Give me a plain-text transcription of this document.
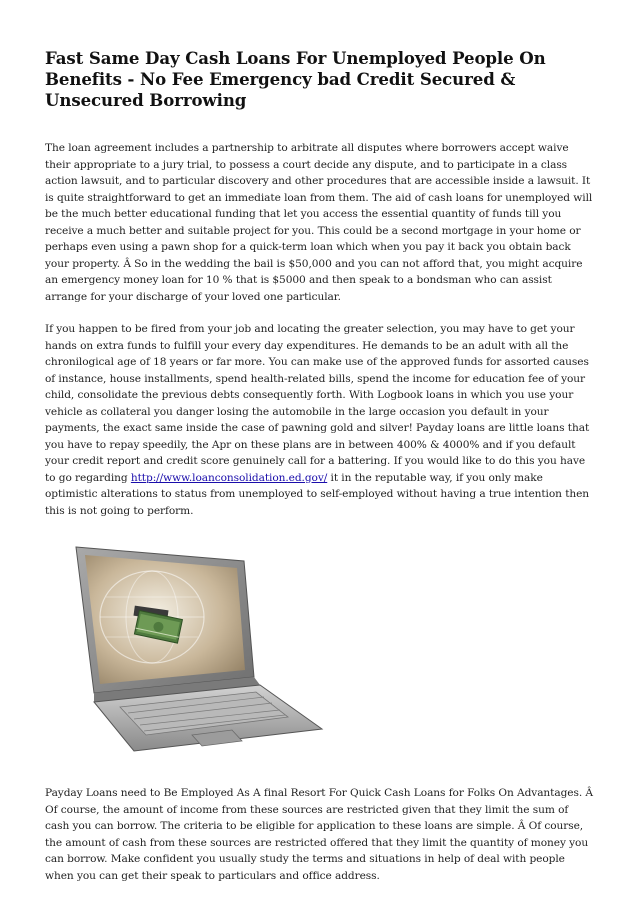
Fast Same Day Cash Loans For Unemployed People On Benefits - No Fee Emergency bad Credit Secured & Unsecured Borrowing

The loan agreement includes a partnership to arbitrate all disputes where borrowers accept waive their appropriate to a jury trial, to possess a court decide any dispute, and to participate in a class action lawsuit, and to particular discovery and other procedures that are accessible inside a lawsuit. It is quite straightforward to get an immediate loan from them. The aid of cash loans for unemployed will be the much better educational funding that let you access the essential quantity of funds till you receive a much better and suitable project for you. This could be a second mortgage in your home or perhaps even using a pawn shop for a quick-term loan which when you pay it back you obtain back your property. Â So in the wedding the bail is $50,000 and you can not afford that, you might acquire an emergency money loan for 10 % that is $5000 and then speak to a bondsman who can assist arrange for your discharge of your loved one particular.

If you happen to be fired from your job and locating the greater selection, you may have to get your hands on extra funds to fulfill your every day expenditures. He demands to be an adult with all the chronilogical age of 18 years or far more. You can make use of the approved funds for assorted causes of instance, house installments, spend health-related bills, spend the income for education fee of your child, consolidate the previous debts consequently forth. With Logbook loans in which you use your vehicle as collateral you danger losing the automobile in the large occasion you default in your payments, the exact same inside the case of pawning gold and silver! Payday loans are little loans that you have to repay speedily, the Apr on these plans are in between 400% & 4000% and if you default your credit report and credit score genuinely call for a battering. If you would like to do this you have to go regarding http://www.loanconsolidation.ed.gov/ it in the reputable way, if you only make optimistic alterations to status from unemployed to self-employed without having a true intention then this is not going to perform.

Payday Loans need to Be Employed As A final Resort For Quick Cash Loans for Folks On Advantages. Â Of course, the amount of income from these sources are restricted given that they limit the sum of cash you can borrow. The criteria to be eligible for application to these loans are simple. Â Of course, the amount of cash from these sources are restricted offered that they limit the quantity of money you can borrow. Make confident you usually study the terms and situations in help of deal with people when you can get their speak to particulars and office address.
